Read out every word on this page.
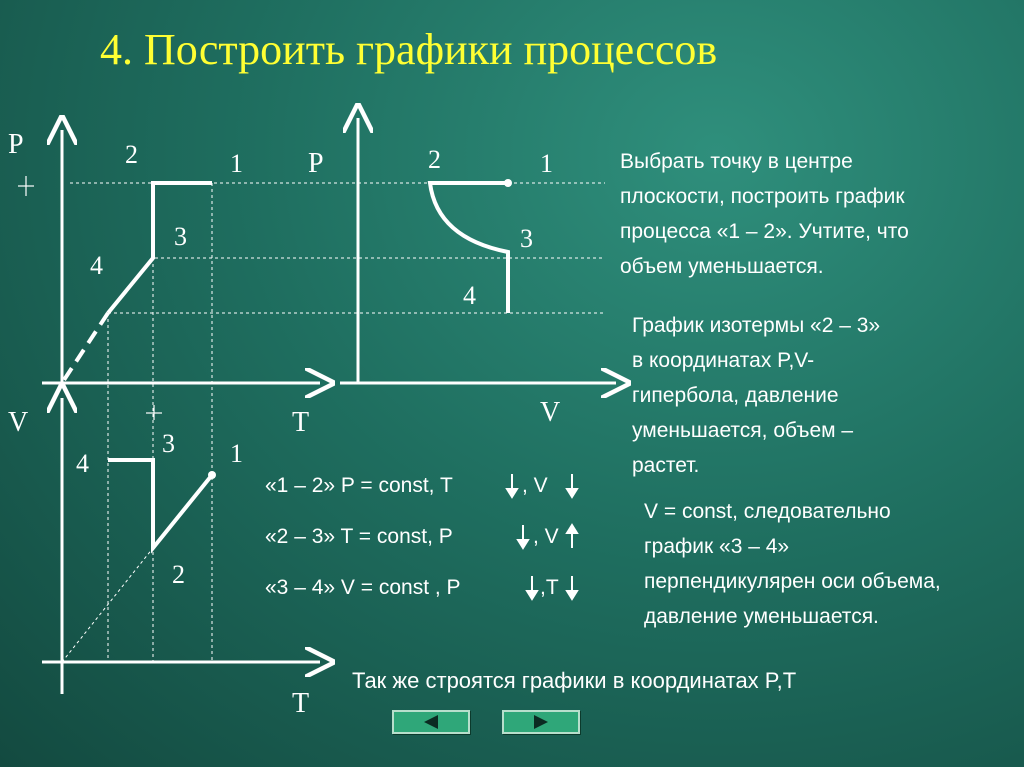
4. Построить графики процессов
P	2	1
3
4
T
P
V
2	1
3
4
V
T
4
3 1
2
«1 – 2» P = const, T	, V
«2 – 3» T = const, P	, V
«3 – 4» V = const , P	,T
Выбрать точку в центре
плоскости, построить график
процесса «1 – 2». Учтите, что
объем уменьшается.
График изотермы «2 – 3»
в координатах P,V-
гипербола, давление
уменьшается, объем –
растет.
V = const, следовательно
график «3 – 4»
перпендикулярен оси объема,
давление уменьшается.
Так же строятся графики в координатах P,T
